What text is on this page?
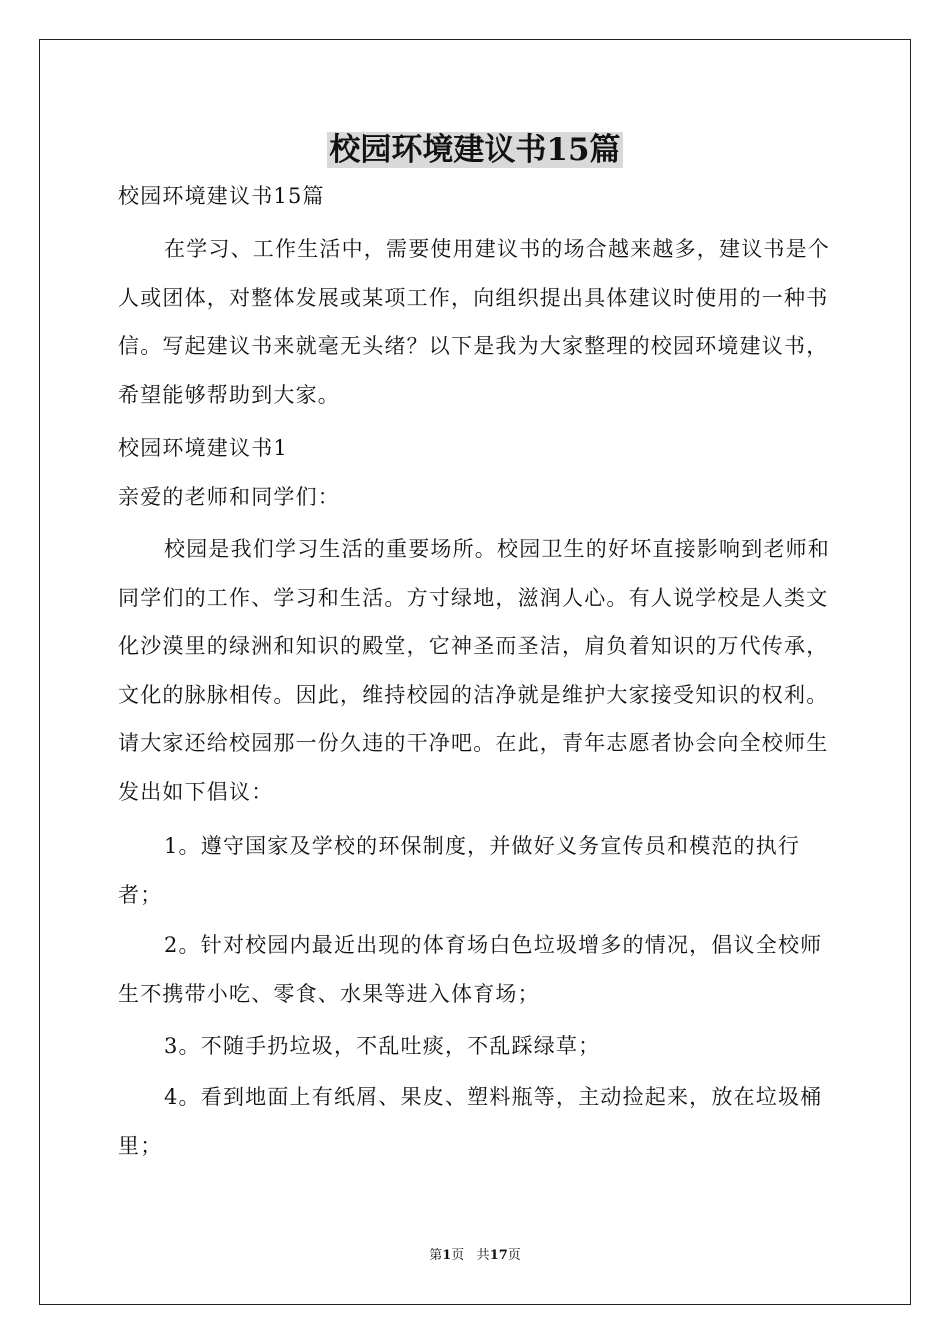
校园环境建议书15篇

校园环境建议书15篇

在学习、工作生活中，需要使用建议书的场合越来越多，建议书是个人或团体，对整体发展或某项工作，向组织提出具体建议时使用的一种书信。写起建议书来就毫无头绪？以下是我为大家整理的校园环境建议书，希望能够帮助到大家。

校园环境建议书1

亲爱的老师和同学们：

校园是我们学习生活的重要场所。校园卫生的好坏直接影响到老师和同学们的工作、学习和生活。方寸绿地，滋润人心。有人说学校是人类文化沙漠里的绿洲和知识的殿堂，它神圣而圣洁，肩负着知识的万代传承，文化的脉脉相传。因此，维持校园的洁净就是维护大家接受知识的权利。请大家还给校园那一份久违的干净吧。在此，青年志愿者协会向全校师生发出如下倡议：

1。遵守国家及学校的环保制度，并做好义务宣传员和模范的执行者；

2。针对校园内最近出现的体育场白色垃圾增多的情况，倡议全校师生不携带小吃、零食、水果等进入体育场；

3。不随手扔垃圾，不乱吐痰，不乱踩绿草；

4。看到地面上有纸屑、果皮、塑料瓶等，主动捡起来，放在垃圾桶里；

第1页 共17页
